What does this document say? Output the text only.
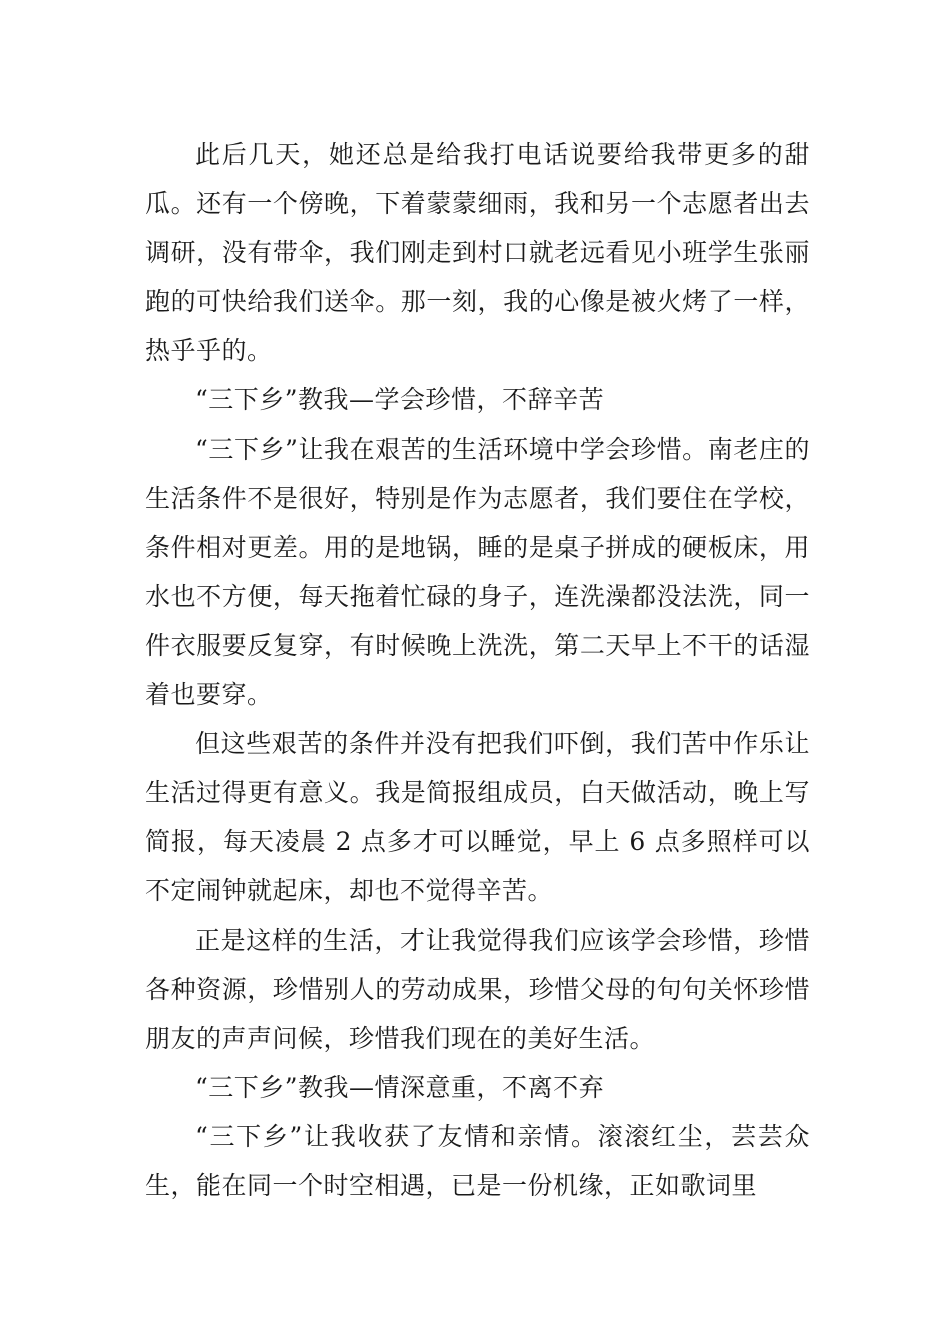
此后几天，她还总是给我打电话说要给我带更多的甜瓜。还有一个傍晚，下着蒙蒙细雨，我和另一个志愿者出去调研，没有带伞，我们刚走到村口就老远看见小班学生张丽跑的可快给我们送伞。那一刻，我的心像是被火烤了一样，热乎乎的。

“三下乡”教我—学会珍惜，不辞辛苦

“三下乡”让我在艰苦的生活环境中学会珍惜。南老庄的生活条件不是很好，特别是作为志愿者，我们要住在学校，条件相对更差。用的是地锅，睡的是桌子拼成的硬板床，用水也不方便，每天拖着忙碌的身子，连洗澡都没法洗，同一件衣服要反复穿，有时候晚上洗洗，第二天早上不干的话湿着也要穿。

但这些艰苦的条件并没有把我们吓倒，我们苦中作乐让生活过得更有意义。我是简报组成员，白天做活动，晚上写简报，每天凌晨 2 点多才可以睡觉，早上 6 点多照样可以不定闹钟就起床，却也不觉得辛苦。

正是这样的生活，才让我觉得我们应该学会珍惜，珍惜各种资源，珍惜别人的劳动成果，珍惜父母的句句关怀珍惜朋友的声声问候，珍惜我们现在的美好生活。

“三下乡”教我—情深意重，不离不弃

“三下乡”让我收获了友情和亲情。滚滚红尘，芸芸众生，能在同一个时空相遇，已是一份机缘，正如歌词里
